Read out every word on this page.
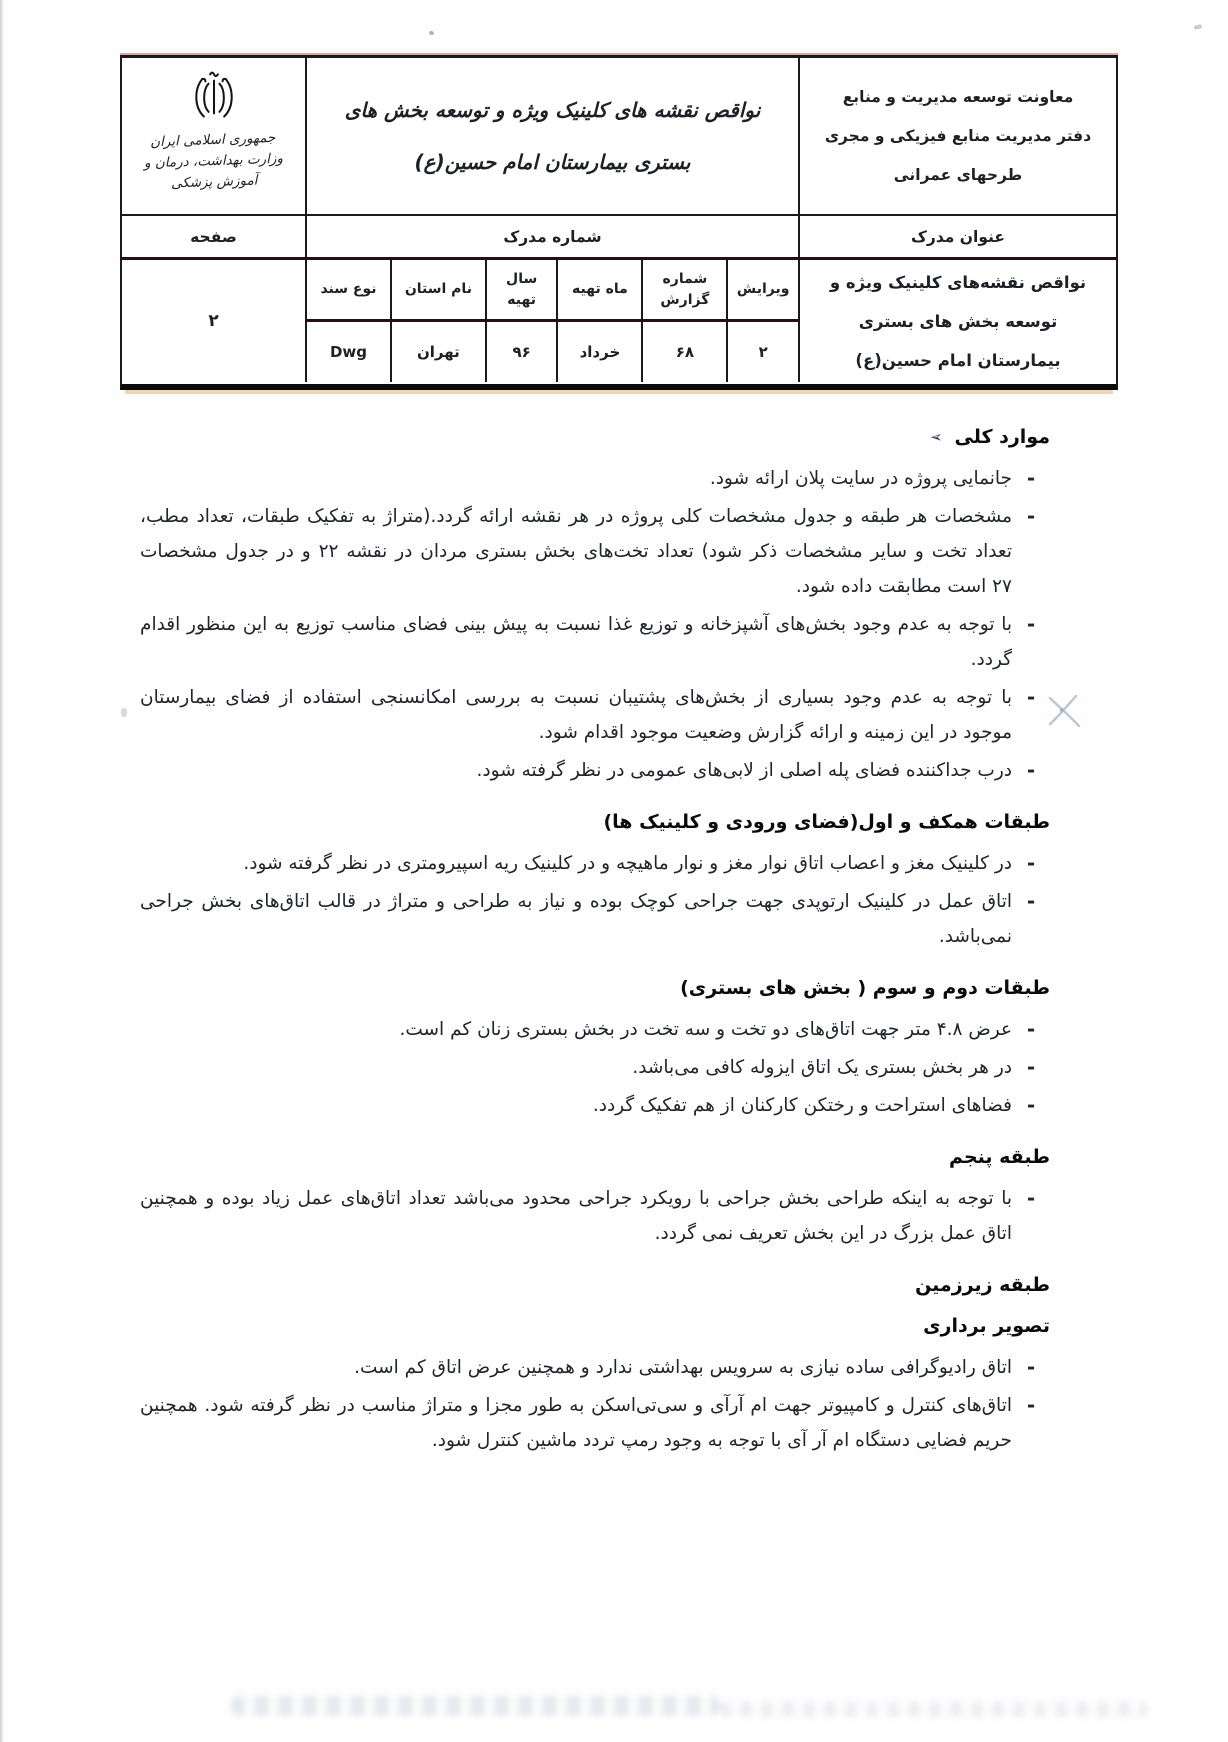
جمهوری اسلامی ایران
وزارت بهداشت، درمان و آموزش پزشکی
نواقص نقشه های کلینیک ویژه و توسعه بخش های
بستری بیمارستان امام حسین(ع)
معاونت توسعه مدیریت و منابع
دفتر مدیریت منابع فیزیکی و مجری
طرحهای عمرانی
صفحه	شماره مدرک	عنوان مدرک
۲
ویرایش
۲
شماره گزارش
۶۸
ماه تهیه
خرداد
سال تهیه
۹۶
نام استان
تهران
نوع سند
Dwg
نواقص نقشه‌های کلینیک ویژه و
توسعه بخش های بستری
بیمارستان امام حسین(ع)
موارد کلی
➢
-
جانمایی پروژه در سایت پلان ارائه شود.
-
مشخصات هر طبقه و جدول مشخصات کلی پروژه در هر نقشه ارائه گردد.(متراژ به تفکیک طبقات، تعداد مطب،
تعداد تخت و سایر مشخصات ذکر شود) تعداد تخت‌های بخش بستری مردان در نقشه ۲۲ و در جدول مشخصات
۲۷ است مطابقت داده شود.
-
با توجه به عدم وجود بخش‌های آشپزخانه و توزیع غذا نسبت به پیش بینی فضای مناسب توزیع به این منظور اقدام
گردد.
-
با توجه به عدم وجود بسیاری از بخش‌های پشتیبان نسبت به بررسی امکانسنجی استفاده از فضای بیمارستان
موجود در این زمینه و ارائه گزارش وضعیت موجود اقدام شود.
-
درب جداکننده فضای پله اصلی از لابی‌های عمومی در نظر گرفته شود.
طبقات همکف و اول(فضای ورودی و کلینیک ها)
-
در کلینیک مغز و اعصاب اتاق نوار مغز و نوار ماهیچه و در کلینیک ریه اسپیرومتری در نظر گرفته شود.
-
اتاق عمل در کلینیک ارتوپدی جهت جراحی کوچک بوده و نیاز به طراحی و متراژ در قالب اتاق‌های بخش جراحی
نمی‌باشد.
طبقات دوم و سوم ( بخش های بستری)
-
عرض ۴.۸ متر جهت اتاق‌های دو تخت و سه تخت در بخش بستری زنان کم است.
-
در هر بخش بستری یک اتاق ایزوله کافی می‌باشد.
-
فضاهای استراحت و رختکن کارکنان از هم تفکیک گردد.
طبقه پنجم
-
با توجه به اینکه طراحی بخش جراحی با رویکرد جراحی محدود می‌باشد تعداد اتاق‌های عمل زیاد بوده و همچنین
اتاق عمل بزرگ در این بخش تعریف نمی گردد.
طبقه زیرزمین
تصویر برداری
-
اتاق رادیوگرافی ساده نیازی به سرویس بهداشتی ندارد و همچنین عرض اتاق کم است.
-
اتاق‌های کنترل و کامپیوتر جهت ام آرآی و سی‌تی‌اسکن به طور مجزا و متراژ مناسب در نظر گرفته شود. همچنین
حریم فضایی دستگاه ام آر آی با توجه به وجود رمپ تردد ماشین کنترل شود.
